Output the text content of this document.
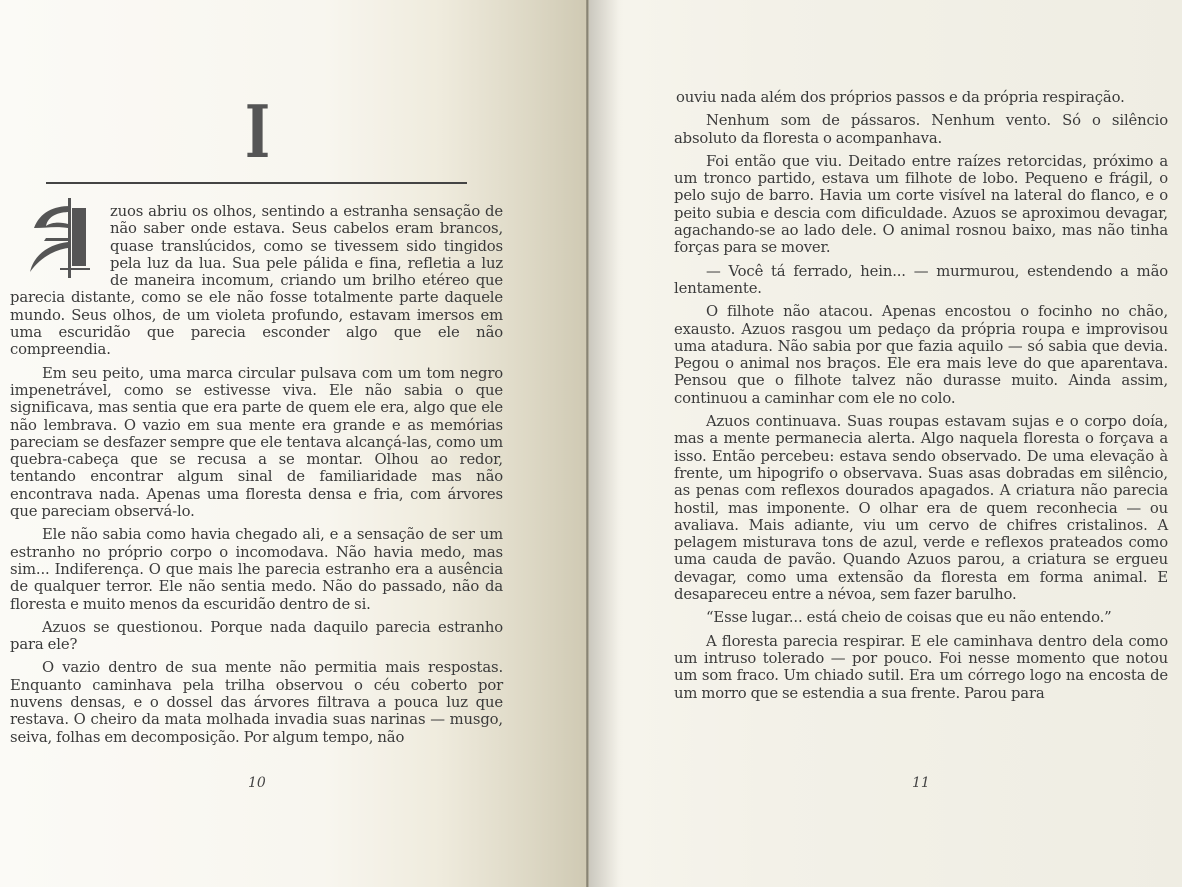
I

zuos abriu os olhos, sentindo a estranha sensação de não saber onde estava. Seus cabelos eram brancos, quase translúcidos, como se tivessem sido tingidos pela luz da lua. Sua pele pálida e fina, refletia a luz de maneira incomum, criando um brilho etéreo que parecia distante, como se ele não fosse totalmente parte daquele mundo. Seus olhos, de um violeta profundo, estavam imersos em uma escuridão que parecia esconder algo que ele não compreendia.

Em seu peito, uma marca circular pulsava com um tom negro impenetrável, como se estivesse viva. Ele não sabia o que significava, mas sentia que era parte de quem ele era, algo que ele não lembrava. O vazio em sua mente era grande e as memórias pareciam se desfazer sempre que ele tentava alcançá-las, como um quebra-cabeça que se recusa a se montar. Olhou ao redor, tentando encontrar algum sinal de familiaridade mas não encontrava nada. Apenas uma floresta densa e fria, com árvores que pareciam observá-lo.

Ele não sabia como havia chegado ali, e a sensação de ser um estranho no próprio corpo o incomodava. Não havia medo, mas sim... Indiferença. O que mais lhe parecia estranho era a ausência de qualquer terror. Ele não sentia medo. Não do passado, não da floresta e muito menos da escuridão dentro de si.

Azuos se questionou. Porque nada daquilo parecia estranho para ele?

O vazio dentro de sua mente não permitia mais respostas. Enquanto caminhava pela trilha observou o céu coberto por nuvens densas, e o dossel das árvores filtrava a pouca luz que restava. O cheiro da mata molhada invadia suas narinas — musgo, seiva, folhas em decomposição. Por algum tempo, não

10

ouviu nada além dos próprios passos e da própria respiração.

Nenhum som de pássaros. Nenhum vento. Só o silêncio absoluto da floresta o acompanhava.

Foi então que viu. Deitado entre raízes retorcidas, próximo a um tronco partido, estava um filhote de lobo. Pequeno e frágil, o pelo sujo de barro. Havia um corte visível na lateral do flanco, e o peito subia e descia com dificuldade. Azuos se aproximou devagar, agachando-se ao lado dele. O animal rosnou baixo, mas não tinha forças para se mover.

— Você tá ferrado, hein... — murmurou, estendendo a mão lentamente.

O filhote não atacou. Apenas encostou o focinho no chão, exausto. Azuos rasgou um pedaço da própria roupa e improvisou uma atadura. Não sabia por que fazia aquilo — só sabia que devia. Pegou o animal nos braços. Ele era mais leve do que aparentava. Pensou que o filhote talvez não durasse muito. Ainda assim, continuou a caminhar com ele no colo.

Azuos continuava. Suas roupas estavam sujas e o corpo doía, mas a mente permanecia alerta. Algo naquela floresta o forçava a isso. Então percebeu: estava sendo observado. De uma elevação à frente, um hipogrifo o observava. Suas asas dobradas em silêncio, as penas com reflexos dourados apagados. A criatura não parecia hostil, mas imponente. O olhar era de quem reconhecia — ou avaliava. Mais adiante, viu um cervo de chifres cristalinos. A pelagem misturava tons de azul, verde e reflexos prateados como uma cauda de pavão. Quando Azuos parou, a criatura se ergueu devagar, como uma extensão da floresta em forma animal. E desapareceu entre a névoa, sem fazer barulho.

“Esse lugar... está cheio de coisas que eu não entendo.”

A floresta parecia respirar. E ele caminhava dentro dela como um intruso tolerado — por pouco. Foi nesse momento que notou um som fraco. Um chiado sutil. Era um córrego logo na encosta de um morro que se estendia a sua frente. Parou para

11
